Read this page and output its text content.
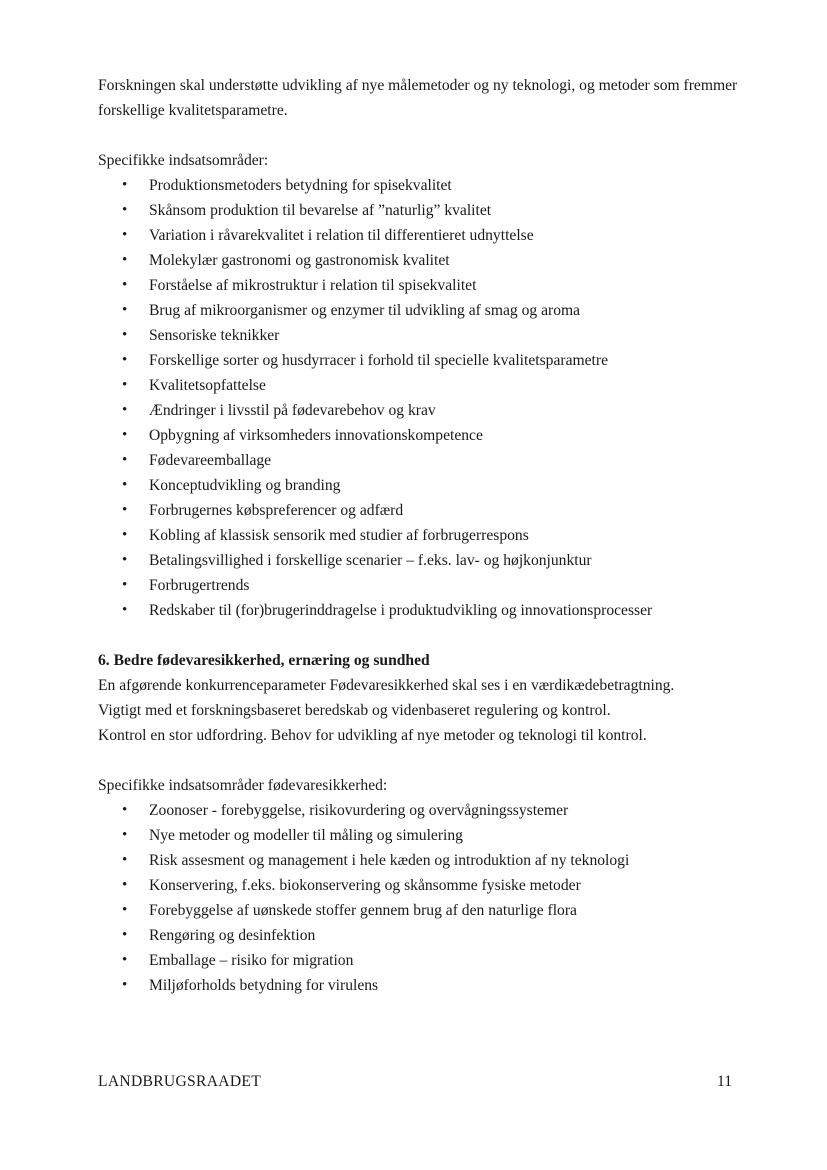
Forskningen skal understøtte udvikling af nye målemetoder og ny teknologi, og metoder som fremmer forskellige kvalitetsparametre.

Specifikke indsatsområder:

• Produktionsmetoders betydning for spisekvalitet
• Skånsom produktion til bevarelse af ”naturlig” kvalitet
• Variation i råvarekvalitet i relation til differentieret udnyttelse
• Molekylær gastronomi og gastronomisk kvalitet
• Forståelse af mikrostruktur i relation til spisekvalitet
• Brug af mikroorganismer og enzymer til udvikling af smag og aroma
• Sensoriske teknikker
• Forskellige sorter og husdyrracer i forhold til specielle kvalitetsparametre
• Kvalitetsopfattelse
• Ændringer i livsstil på fødevarebehov og krav
• Opbygning af virksomheders innovationskompetence
• Fødevareemballage
• Konceptudvikling og branding
• Forbrugernes købspreferencer og adfærd
• Kobling af klassisk sensorik med studier af forbrugerrespons
• Betalingsvillighed i forskellige scenarier – f.eks. lav- og højkonjunktur
• Forbrugertrends
• Redskaber til (for)brugerinddragelse i produktudvikling og innovationsprocesser

6. Bedre fødevaresikkerhed, ernæring og sundhed

En afgørende konkurrenceparameter Fødevaresikkerhed skal ses i en værdikædebetragtning.

Vigtigt med et forskningsbaseret beredskab og videnbaseret regulering og kontrol.

Kontrol en stor udfordring. Behov for udvikling af nye metoder og teknologi til kontrol.

Specifikke indsatsområder fødevaresikkerhed:

• Zoonoser - forebyggelse, risikovurdering og overvågningssystemer
• Nye metoder og modeller til måling og simulering
• Risk assesment og management i hele kæden og introduktion af ny teknologi
• Konservering, f.eks. biokonservering og skånsomme fysiske metoder
• Forebyggelse af uønskede stoffer gennem brug af den naturlige flora
• Rengøring og desinfektion
• Emballage – risiko for migration
• Miljøforholds betydning for virulens
LANDBRUGSRAADET	11
